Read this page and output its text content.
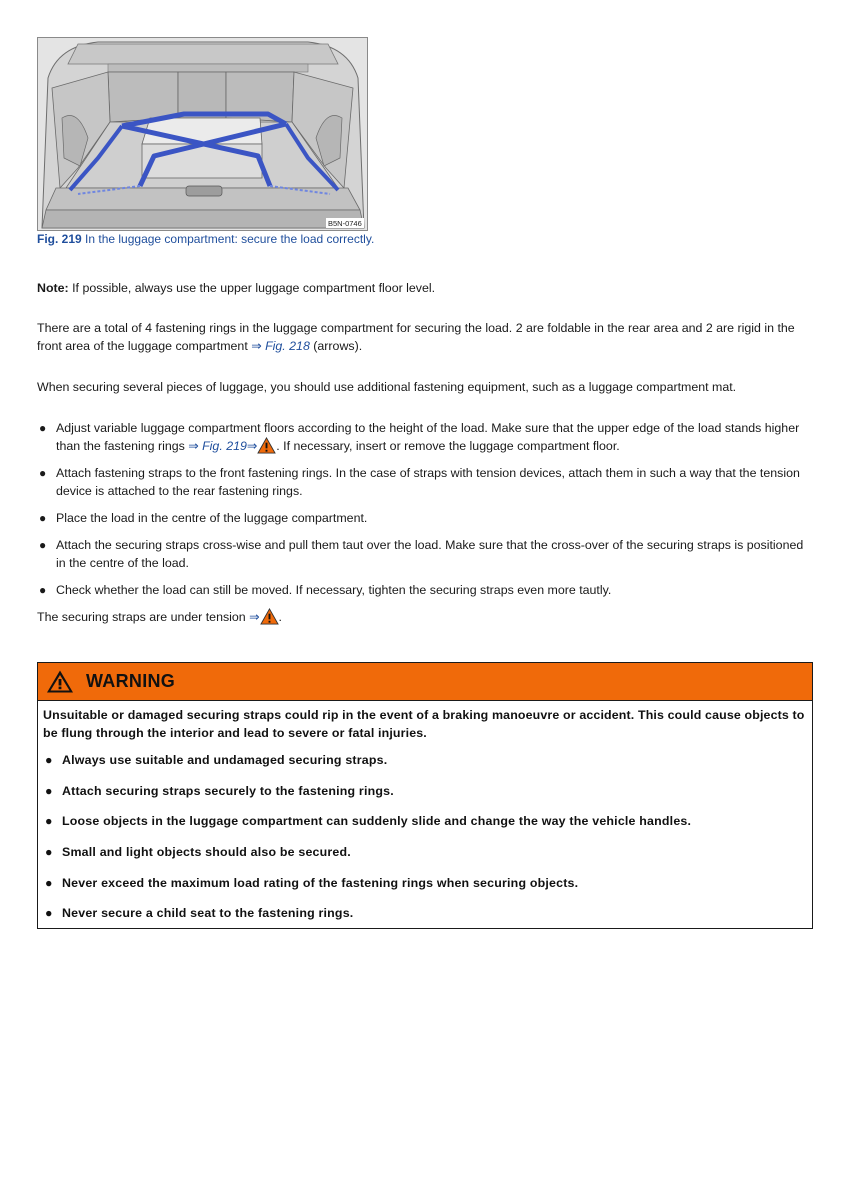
B5N-0746
Fig. 219 In the luggage compartment: secure the load correctly.
Note: If possible, always use the upper luggage compartment floor level.
There are a total of 4 fastening rings in the luggage compartment for securing the load. 2 are foldable in the rear area and 2 are rigid in the front area of the luggage compartment ⇒ Fig. 218 (arrows).
When securing several pieces of luggage, you should use additional fastening equipment, such as a luggage compartment mat.
● Adjust variable luggage compartment floors according to the height of the load. Make sure that the upper edge of the load stands higher than the fastening rings ⇒ Fig. 219⇒ . If necessary, insert or remove the luggage compartment floor.
● Attach fastening straps to the front fastening rings. In the case of straps with tension devices, attach them in such a way that the tension device is attached to the rear fastening rings.
● Place the load in the centre of the luggage compartment.
● Attach the securing straps cross-wise and pull them taut over the load. Make sure that the cross-over of the securing straps is positioned in the centre of the load.
● Check whether the load can still be moved. If necessary, tighten the securing straps even more tautly.
The securing straps are under tension ⇒ .
WARNING
Unsuitable or damaged securing straps could rip in the event of a braking manoeuvre or accident. This could cause objects to be flung through the interior and lead to severe or fatal injuries.
● Always use suitable and undamaged securing straps.
● Attach securing straps securely to the fastening rings.
● Loose objects in the luggage compartment can suddenly slide and change the way the vehicle handles.
● Small and light objects should also be secured.
● Never exceed the maximum load rating of the fastening rings when securing objects.
● Never secure a child seat to the fastening rings.
